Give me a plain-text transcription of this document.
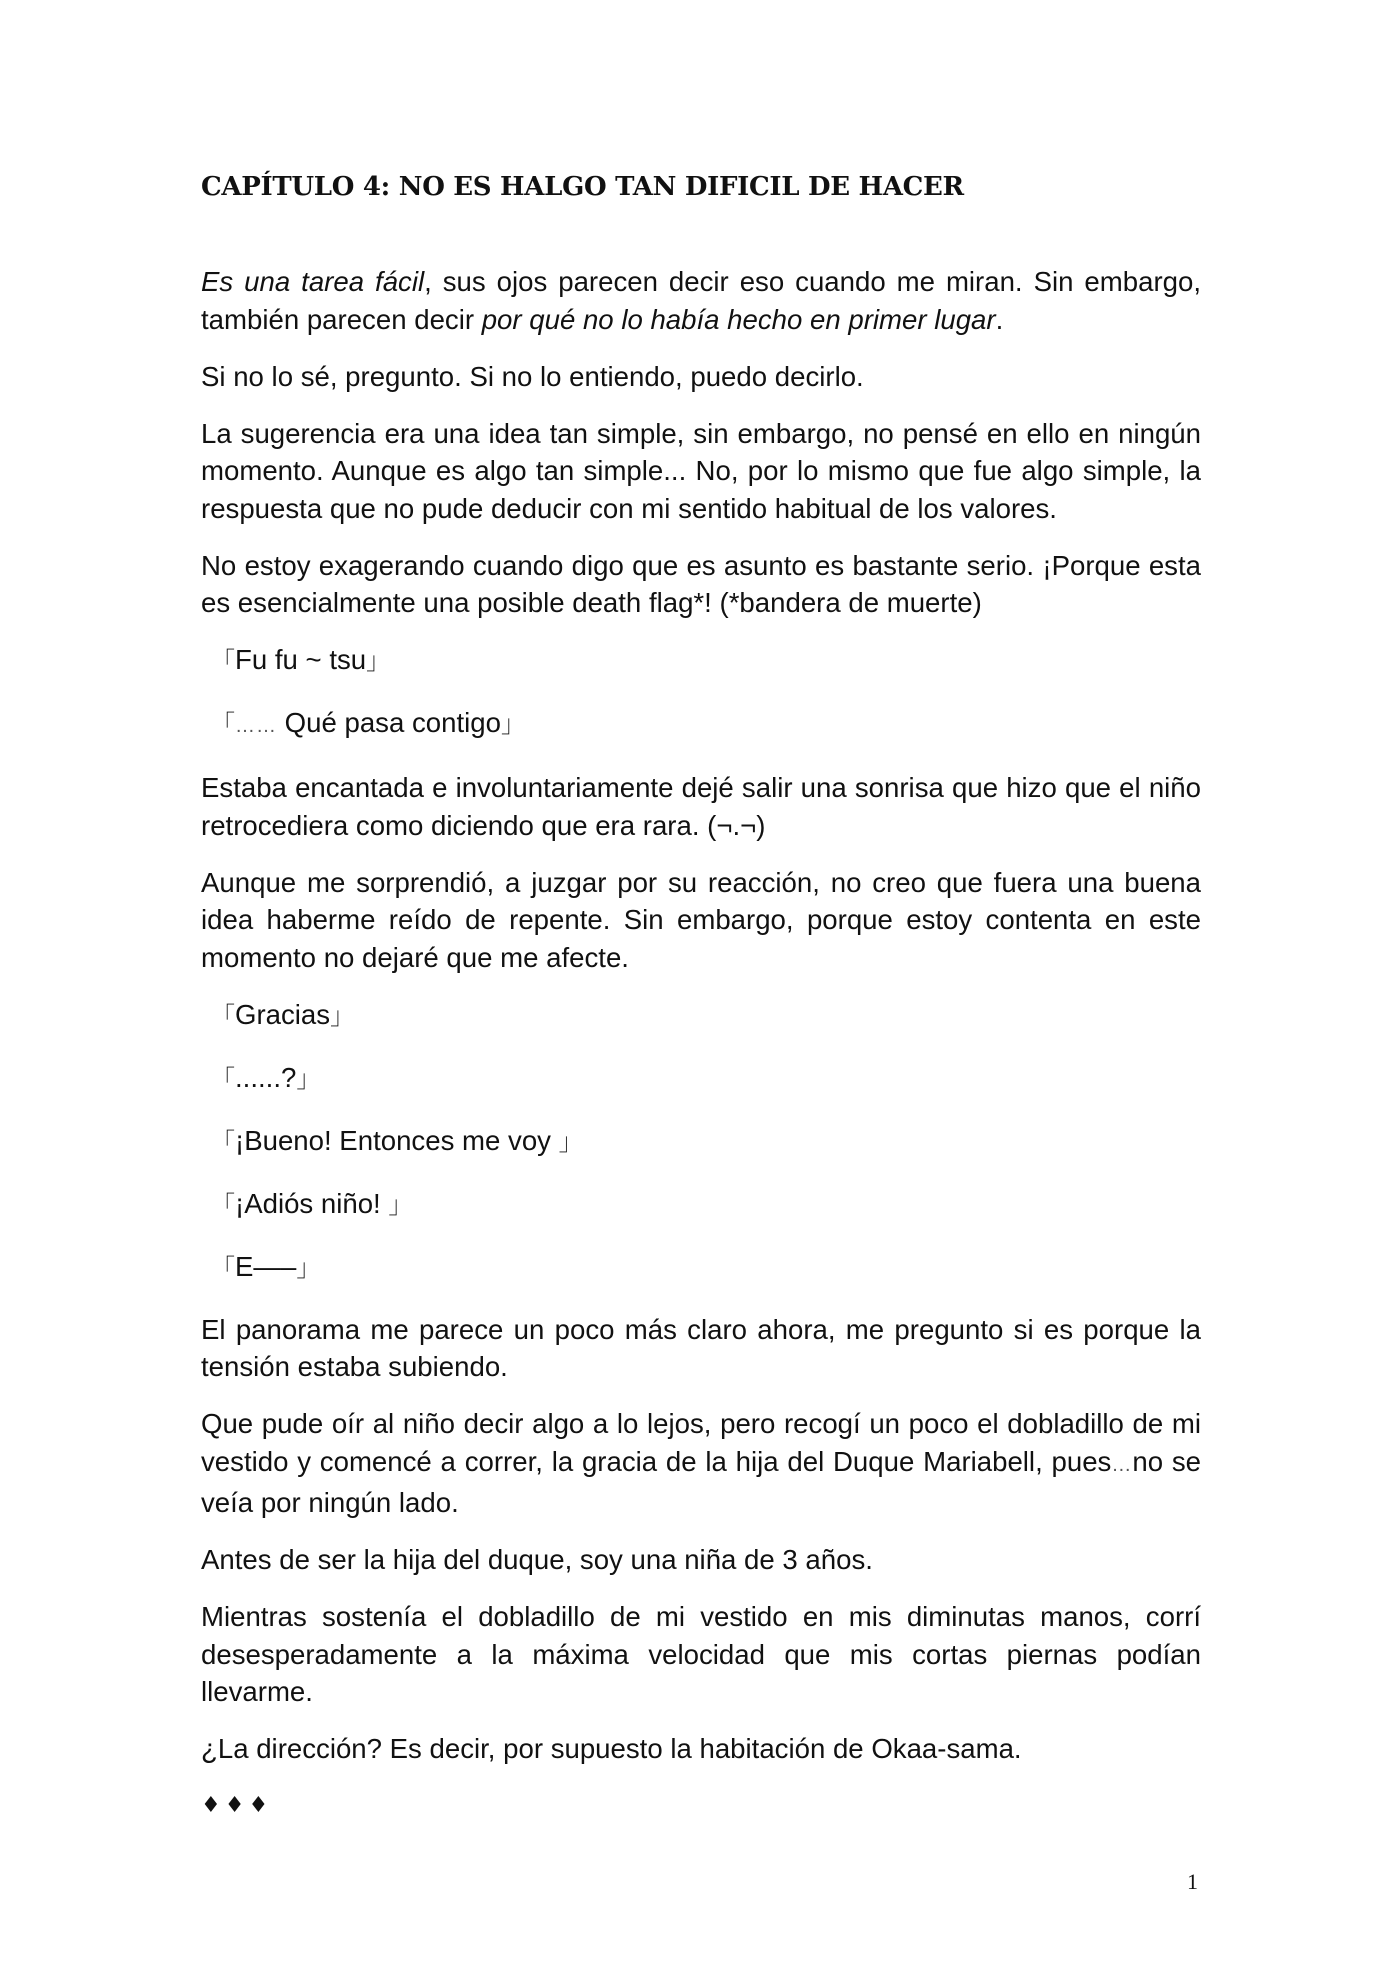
CAPÍTULO 4: NO ES HALGO TAN DIFICIL DE HACER

Es una tarea fácil, sus ojos parecen decir eso cuando me miran. Sin embargo, también parecen decir por qué no lo había hecho en primer lugar.

Si no lo sé, pregunto. Si no lo entiendo, puedo decirlo.

La sugerencia era una idea tan simple, sin embargo, no pensé en ello en ningún momento. Aunque es algo tan simple... No, por lo mismo que fue algo simple, la respuesta que no pude deducir con mi sentido habitual de los valores.

No estoy exagerando cuando digo que es asunto es bastante serio. ¡Porque esta es esencialmente una posible death flag*! (*bandera de muerte)

「Fu fu ~ tsu」

「…… Qué pasa contigo」

Estaba encantada e involuntariamente dejé salir una sonrisa que hizo que el niño retrocediera como diciendo que era rara. (¬.¬)

Aunque me sorprendió, a juzgar por su reacción, no creo que fuera una buena idea haberme reído de repente. Sin embargo, porque estoy contenta en este momento no dejaré que me afecte.

「Gracias」

「......?」

「¡Bueno! Entonces me voy 」

「¡Adiós niño! 」

「E—–」

El panorama me parece un poco más claro ahora, me pregunto si es porque la tensión estaba subiendo.

Que pude oír al niño decir algo a lo lejos, pero recogí un poco el dobladillo de mi vestido y comencé a correr, la gracia de la hija del Duque Mariabell, pues…no se veía por ningún lado.

Antes de ser la hija del duque, soy una niña de 3 años.

Mientras sostenía el dobladillo de mi vestido en mis diminutas manos, corrí desesperadamente a la máxima velocidad que mis cortas piernas podían llevarme.

¿La dirección? Es decir, por supuesto la habitación de Okaa-sama.

♦♦♦

1
